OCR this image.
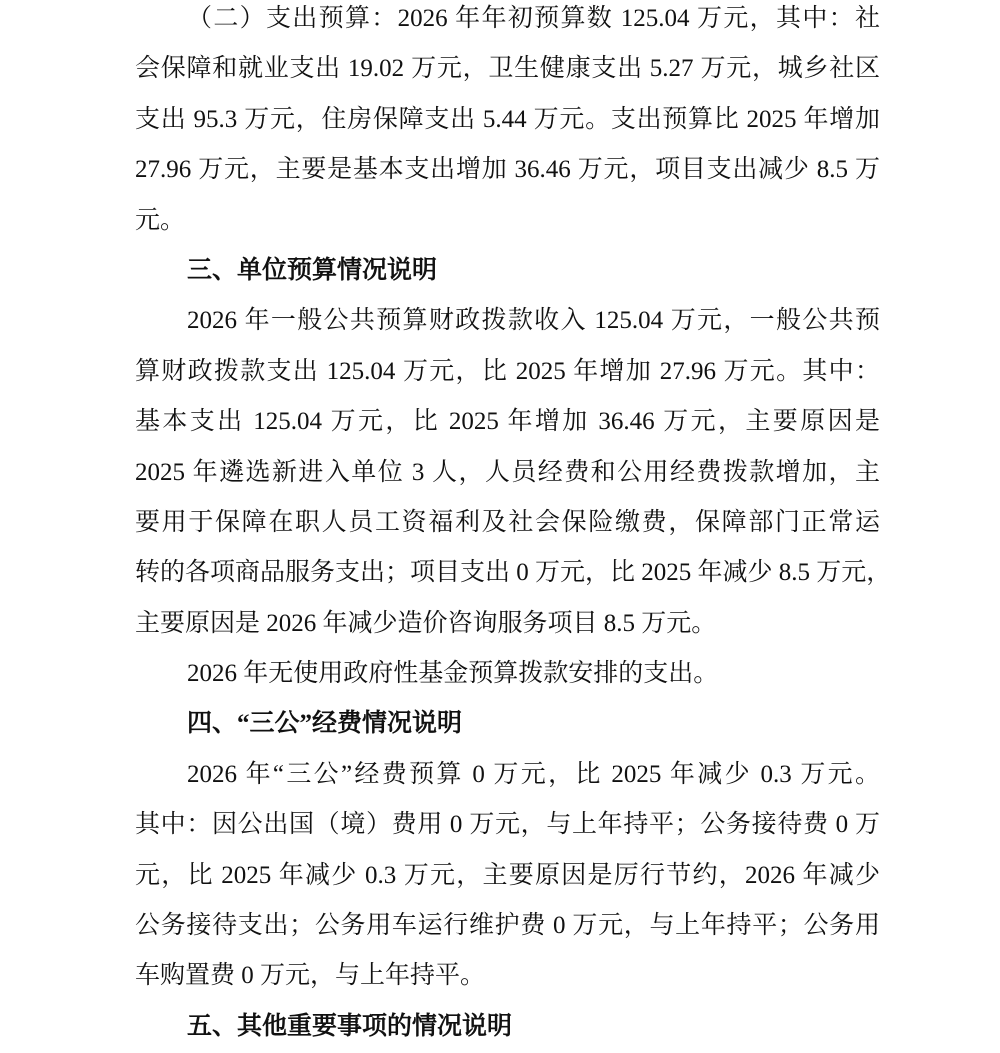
（二）支出预算：2026 年年初预算数 125.04 万元，其中：社
会保障和就业支出 19.02 万元，卫生健康支出 5.27 万元，城乡社区
支出 95.3 万元，住房保障支出 5.44 万元。支出预算比 2025 年增加
27.96 万元，主要是基本支出增加 36.46 万元，项目支出减少 8.5 万
元。
三、单位预算情况说明
2026 年一般公共预算财政拨款收入 125.04 万元，一般公共预
算财政拨款支出 125.04 万元，比 2025 年增加 27.96 万元。其中：
基本支出 125.04 万元，比 2025 年增加 36.46 万元，主要原因是
2025 年遴选新进入单位 3 人，人员经费和公用经费拨款增加，主
要用于保障在职人员工资福利及社会保险缴费，保障部门正常运
转的各项商品服务支出；项目支出 0 万元，比 2025 年减少 8.5 万元，
主要原因是 2026 年减少造价咨询服务项目 8.5 万元。
2026 年无使用政府性基金预算拨款安排的支出。
四、“三公”经费情况说明
2026 年“三公”经费预算 0 万元，比 2025 年减少 0.3 万元。
其中：因公出国（境）费用 0 万元，与上年持平；公务接待费 0 万
元，比 2025 年减少 0.3 万元，主要原因是厉行节约，2026 年减少
公务接待支出；公务用车运行维护费 0 万元，与上年持平；公务用
车购置费 0 万元，与上年持平。
五、其他重要事项的情况说明
